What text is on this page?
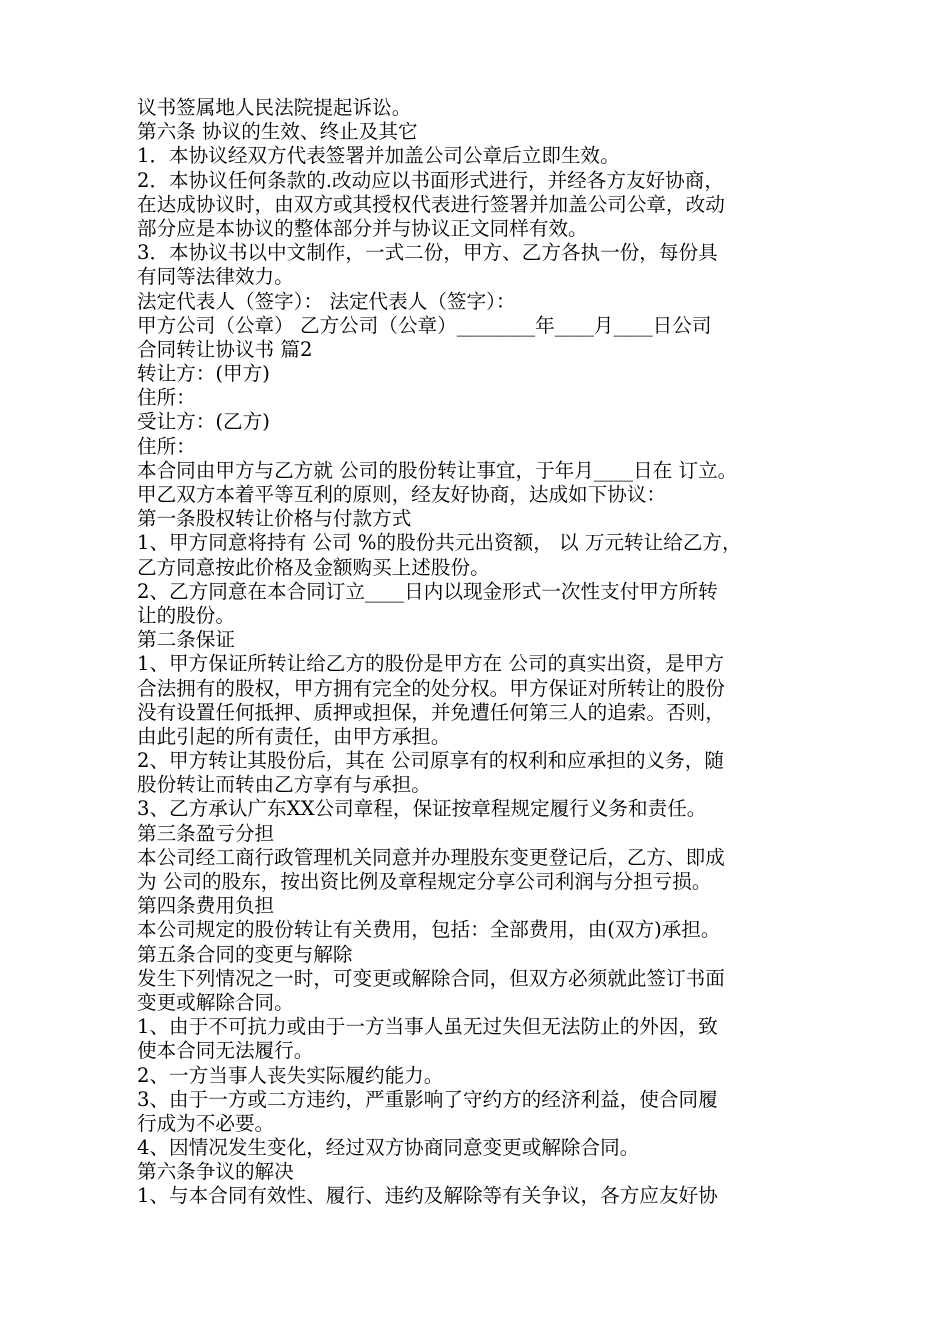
议书签属地人民法院提起诉讼。
第六条 协议的生效、终止及其它
1．本协议经双方代表签署并加盖公司公章后立即生效。
2．本协议任何条款的.改动应以书面形式进行，并经各方友好协商，
在达成协议时，由双方或其授权代表进行签署并加盖公司公章，改动
部分应是本协议的整体部分并与协议正文同样有效。
3．本协议书以中文制作，一式二份，甲方、乙方各执一份，每份具
有同等法律效力。
法定代表人（签字）： 法定代表人（签字）：
甲方公司（公章） 乙方公司（公章）________年____月____日公司
合同转让协议书 篇2
转让方：(甲方)
住所：
受让方：(乙方)
住所：
本合同由甲方与乙方就 公司的股份转让事宜，于年月____日在 订立。
甲乙双方本着平等互利的原则，经友好协商，达成如下协议：
第一条股权转让价格与付款方式
1、甲方同意将持有 公司 %的股份共元出资额， 以 万元转让给乙方，
乙方同意按此价格及金额购买上述股份。
2、乙方同意在本合同订立____日内以现金形式一次性支付甲方所转
让的股份。
第二条保证
1、甲方保证所转让给乙方的股份是甲方在 公司的真实出资，是甲方
合法拥有的股权，甲方拥有完全的处分权。甲方保证对所转让的股份
没有设置任何抵押、质押或担保，并免遭任何第三人的追索。否则，
由此引起的所有责任，由甲方承担。
2、甲方转让其股份后，其在 公司原享有的权利和应承担的义务，随
股份转让而转由乙方享有与承担。
3、乙方承认广东XX公司章程，保证按章程规定履行义务和责任。
第三条盈亏分担
本公司经工商行政管理机关同意并办理股东变更登记后，乙方、即成
为 公司的股东，按出资比例及章程规定分享公司利润与分担亏损。
第四条费用负担
本公司规定的股份转让有关费用，包括：全部费用，由(双方)承担。
第五条合同的变更与解除
发生下列情况之一时，可变更或解除合同，但双方必须就此签订书面
变更或解除合同。
1、由于不可抗力或由于一方当事人虽无过失但无法防止的外因，致
使本合同无法履行。
2、一方当事人丧失实际履约能力。
3、由于一方或二方违约，严重影响了守约方的经济利益，使合同履
行成为不必要。
4、因情况发生变化，经过双方协商同意变更或解除合同。
第六条争议的解决
1、与本合同有效性、履行、违约及解除等有关争议，各方应友好协
